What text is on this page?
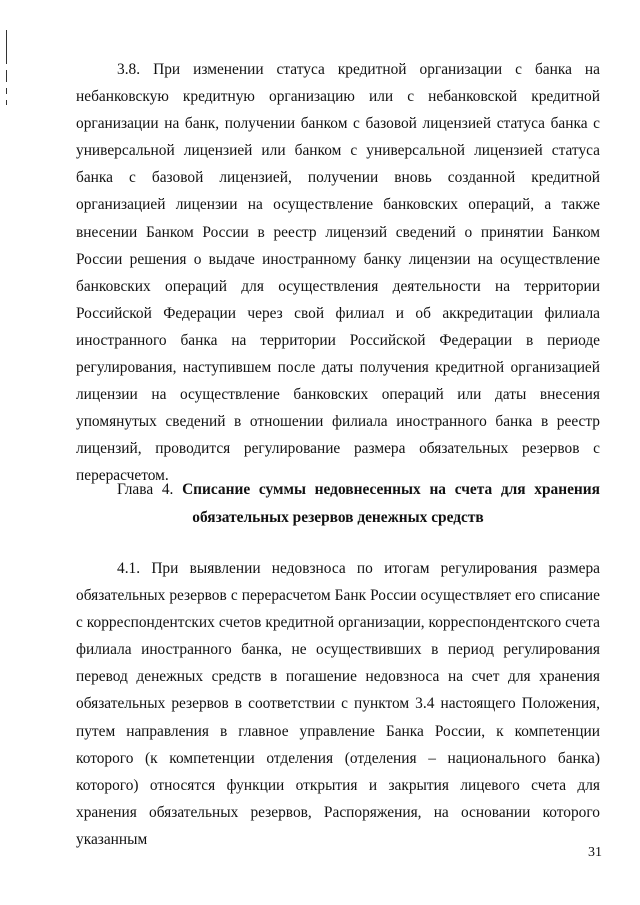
3.8. При изменении статуса кредитной организации с банка на небанковскую кредитную организацию или с небанковской кредитной организации на банк, получении банком с базовой лицензией статуса банка с универсальной лицензией или банком с универсальной лицензией статуса банка с базовой лицензией, получении вновь созданной кредитной организацией лицензии на осуществление банковских операций, а также внесении Банком России в реестр лицензий сведений о принятии Банком России решения о выдаче иностранному банку лицензии на осуществление банковских операций для осуществления деятельности на территории Российской Федерации через свой филиал и об аккредитации филиала иностранного банка на территории Российской Федерации в периоде регулирования, наступившем после даты получения кредитной организацией лицензии на осуществление банковских операций или даты внесения упомянутых сведений в отношении филиала иностранного банка в реестр лицензий, проводится регулирование размера обязательных резервов с перерасчетом.

Глава 4. Списание суммы недовнесенных на счета для хранения
обязательных резервов денежных средств

4.1. При выявлении недовзноса по итогам регулирования размера обязательных резервов с перерасчетом Банк России осуществляет его списание с корреспондентских счетов кредитной организации, корреспондентского счета филиала иностранного банка, не осуществивших в период регулирования перевод денежных средств в погашение недовзноса на счет для хранения обязательных резервов в соответствии с пунктом 3.4 настоящего Положения, путем направления в главное управление Банка России, к компетенции которого (к компетенции отделения (отделения – национального банка) которого) относятся функции открытия и закрытия лицевого счета для хранения обязательных резервов, Распоряжения, на основании которого указанным

31
